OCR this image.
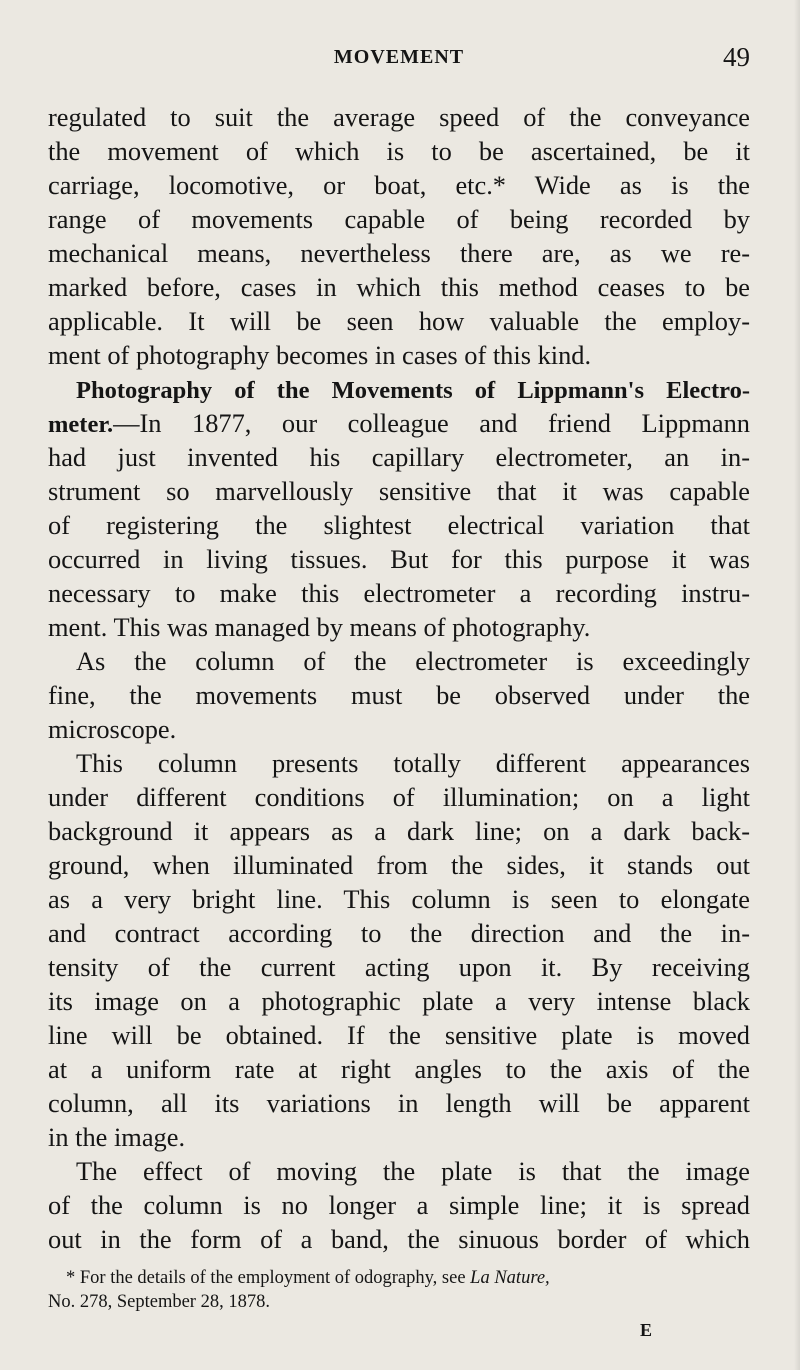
MOVEMENT	49
regulated to suit the average speed of the conveyance
the movement of which is to be ascertained, be it
carriage, locomotive, or boat, etc.* Wide as is the
range of movements capable of being recorded by
mechanical means, nevertheless there are, as we re-
marked before, cases in which this method ceases to be
applicable. It will be seen how valuable the employ-
ment of photography becomes in cases of this kind.
Photography of the Movements of Lippmann's Electro-
meter.—In 1877, our colleague and friend Lippmann
had just invented his capillary electrometer, an in-
strument so marvellously sensitive that it was capable
of registering the slightest electrical variation that
occurred in living tissues. But for this purpose it was
necessary to make this electrometer a recording instru-
ment. This was managed by means of photography.
As the column of the electrometer is exceedingly
fine, the movements must be observed under the
microscope.
This column presents totally different appearances
under different conditions of illumination; on a light
background it appears as a dark line; on a dark back-
ground, when illuminated from the sides, it stands out
as a very bright line. This column is seen to elongate
and contract according to the direction and the in-
tensity of the current acting upon it. By receiving
its image on a photographic plate a very intense black
line will be obtained. If the sensitive plate is moved
at a uniform rate at right angles to the axis of the
column, all its variations in length will be apparent
in the image.
The effect of moving the plate is that the image
of the column is no longer a simple line; it is spread
out in the form of a band, the sinuous border of which
* For the details of the employment of odography, see La Nature,
No. 278, September 28, 1878.
E
